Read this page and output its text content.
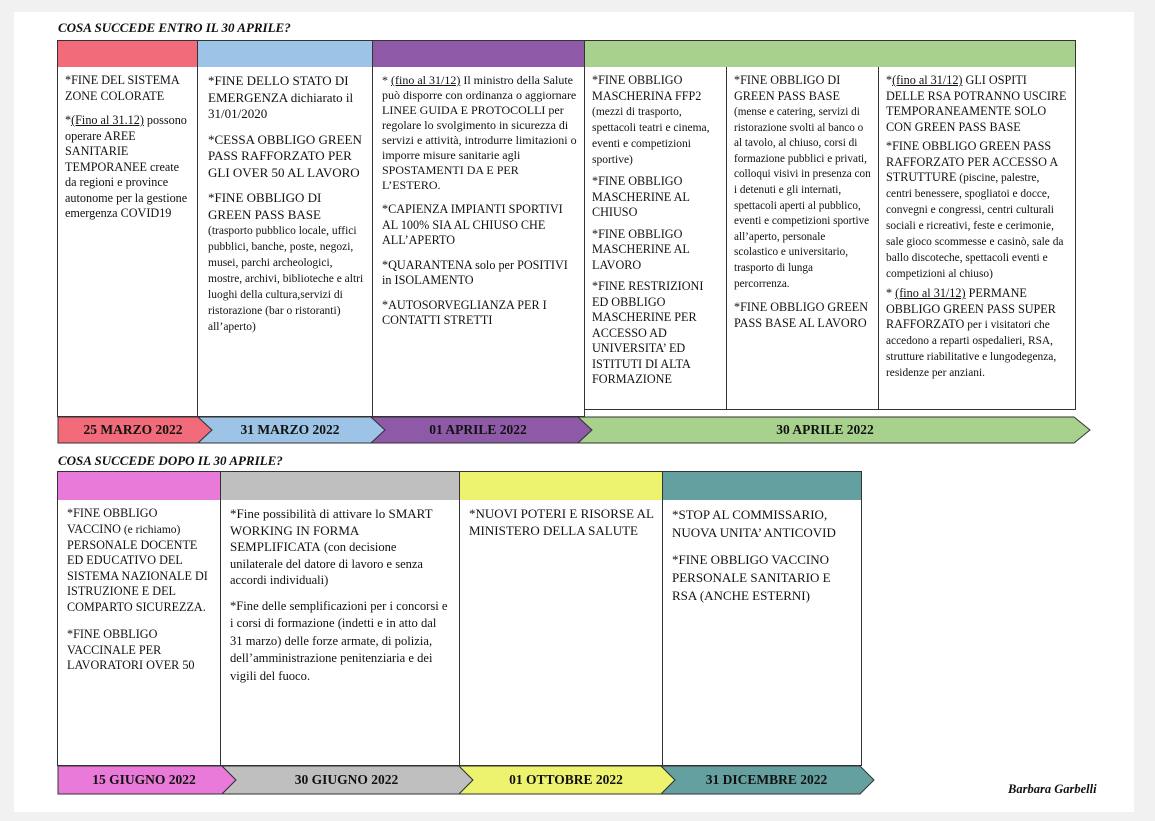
COSA SUCCEDE ENTRO IL 30 APRILE?

*FINE DEL SISTEMA ZONE COLORATE

*(Fino al 31.12) possono operare AREE SANITARIE TEMPORANEE create da regioni e province autonome per la gestione emergenza COVID19

*FINE DELLO STATO DI EMERGENZA dichiarato il 31/01/2020

*CESSA OBBLIGO GREEN PASS RAFFORZATO PER GLI OVER 50 AL LAVORO

*FINE OBBLIGO DI GREEN PASS BASE
(trasporto pubblico locale, uffici pubblici, banche, poste, negozi, musei, parchi archeologici, mostre, archivi, biblioteche e altri luoghi della cultura,servizi di ristorazione (bar o ristoranti) all’aperto)

* (fino al 31/12) Il ministro della Salute può disporre con ordinanza o aggiornare LINEE GUIDA E PROTOCOLLI per regolare lo svolgimento in sicurezza di servizi e attività, introdurre limitazioni o imporre misure sanitarie agli SPOSTAMENTI DA E PER L’ESTERO.

*CAPIENZA IMPIANTI SPORTIVI AL 100% SIA AL CHIUSO CHE ALL’APERTO

*QUARANTENA solo per POSITIVI in ISOLAMENTO

*AUTOSORVEGLIANZA PER I CONTATTI STRETTI

*FINE OBBLIGO MASCHERINA FFP2
(mezzi di trasporto, spettacoli teatri e cinema, eventi e competizioni sportive)

*FINE OBBLIGO MASCHERINE AL CHIUSO

*FINE OBBLIGO MASCHERINE AL LAVORO

*FINE RESTRIZIONI ED OBBLIGO MASCHERINE PER ACCESSO AD UNIVERSITA’ ED ISTITUTI DI ALTA FORMAZIONE

*FINE OBBLIGO DI GREEN PASS BASE
(mense e catering, servizi di ristorazione svolti al banco o al tavolo, al chiuso, corsi di formazione pubblici e privati, colloqui visivi in presenza con i detenuti e gli internati, spettacoli aperti al pubblico, eventi e competizioni sportive all’aperto, personale scolastico e universitario, trasporto di lunga percorrenza.

*FINE OBBLIGO GREEN PASS BASE AL LAVORO

*(fino al 31/12) GLI OSPITI DELLE RSA POTRANNO USCIRE TEMPORANEAMENTE SOLO CON GREEN PASS BASE

*FINE OBBLIGO GREEN PASS RAFFORZATO PER ACCESSO A STRUTTURE (piscine, palestre, centri benessere, spogliatoi e docce, convegni e congressi, centri culturali sociali e ricreativi, feste e cerimonie, sale gioco scommesse e casinò, sale da ballo discoteche, spettacoli eventi e competizioni al chiuso)

* (fino al 31/12) PERMANE OBBLIGO GREEN PASS SUPER RAFFORZATO per i visitatori che accedono a reparti ospedalieri, RSA, strutture riabilitative e lungodegenza, residenze per anziani.

25 MARZO 2022	31 MARZO 2022	01 APRILE 2022	30 APRILE 2022
COSA SUCCEDE DOPO IL 30 APRILE?

*FINE OBBLIGO VACCINO (e richiamo) PERSONALE DOCENTE ED EDUCATIVO DEL SISTEMA NAZIONALE DI ISTRUZIONE E DEL COMPARTO SICUREZZA.

*FINE OBBLIGO VACCINALE PER LAVORATORI OVER 50

*Fine possibilità di attivare lo SMART WORKING IN FORMA SEMPLIFICATA (con decisione unilaterale del datore di lavoro e senza accordi individuali)

*Fine delle semplificazioni per i concorsi e i corsi di formazione (indetti e in atto dal 31 marzo) delle forze armate, di polizia, dell’amministrazione penitenziaria e dei vigili del fuoco.

*NUOVI POTERI E RISORSE AL MINISTERO DELLA SALUTE

*STOP AL COMMISSARIO, NUOVA UNITA’ ANTICOVID

*FINE OBBLIGO VACCINO PERSONALE SANITARIO E RSA (ANCHE ESTERNI)

15 GIUGNO 2022	30 GIUGNO 2022	01 OTTOBRE 2022	31 DICEMBRE 2022
Barbara Garbelli
